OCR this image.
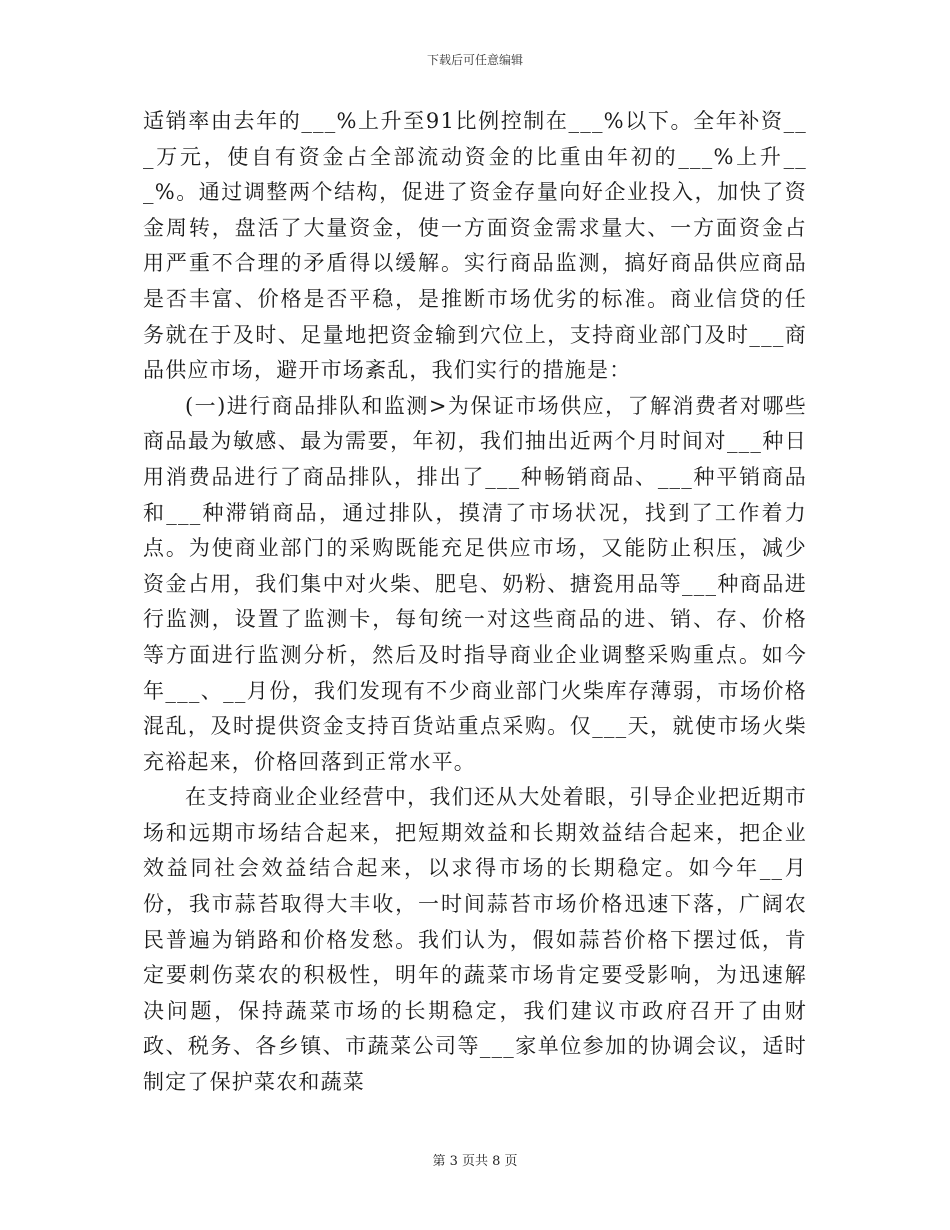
下载后可任意编辑

适销率由去年的___%上升至91比例控制在___%以下。全年补资___万元，使自有资金占全部流动资金的比重由年初的___%上升___%。通过调整两个结构，促进了资金存量向好企业投入，加快了资金周转，盘活了大量资金，使一方面资金需求量大、一方面资金占用严重不合理的矛盾得以缓解。实行商品监测，搞好商品供应商品是否丰富、价格是否平稳，是推断市场优劣的标准。商业信贷的任务就在于及时、足量地把资金输到穴位上，支持商业部门及时___商品供应市场，避开市场紊乱，我们实行的措施是：

(一)进行商品排队和监测>为保证市场供应，了解消费者对哪些商品最为敏感、最为需要，年初，我们抽出近两个月时间对___种日用消费品进行了商品排队，排出了___种畅销商品、___种平销商品和___种滞销商品，通过排队，摸清了市场状况，找到了工作着力点。为使商业部门的采购既能充足供应市场，又能防止积压，减少资金占用，我们集中对火柴、肥皂、奶粉、搪瓷用品等___种商品进行监测，设置了监测卡，每旬统一对这些商品的进、销、存、价格等方面进行监测分析，然后及时指导商业企业调整采购重点。如今年___、__月份，我们发现有不少商业部门火柴库存薄弱，市场价格混乱，及时提供资金支持百货站重点采购。仅___天，就使市场火柴充裕起来，价格回落到正常水平。

在支持商业企业经营中，我们还从大处着眼，引导企业把近期市场和远期市场结合起来，把短期效益和长期效益结合起来，把企业效益同社会效益结合起来，以求得市场的长期稳定。如今年__月份，我市蒜苔取得大丰收，一时间蒜苔市场价格迅速下落，广阔农民普遍为销路和价格发愁。我们认为，假如蒜苔价格下摆过低，肯定要刺伤菜农的积极性，明年的蔬菜市场肯定要受影响，为迅速解决问题，保持蔬菜市场的长期稳定，我们建议市政府召开了由财政、税务、各乡镇、市蔬菜公司等___家单位参加的协调会议，适时制定了保护菜农和蔬菜

第 3 页共 8 页
